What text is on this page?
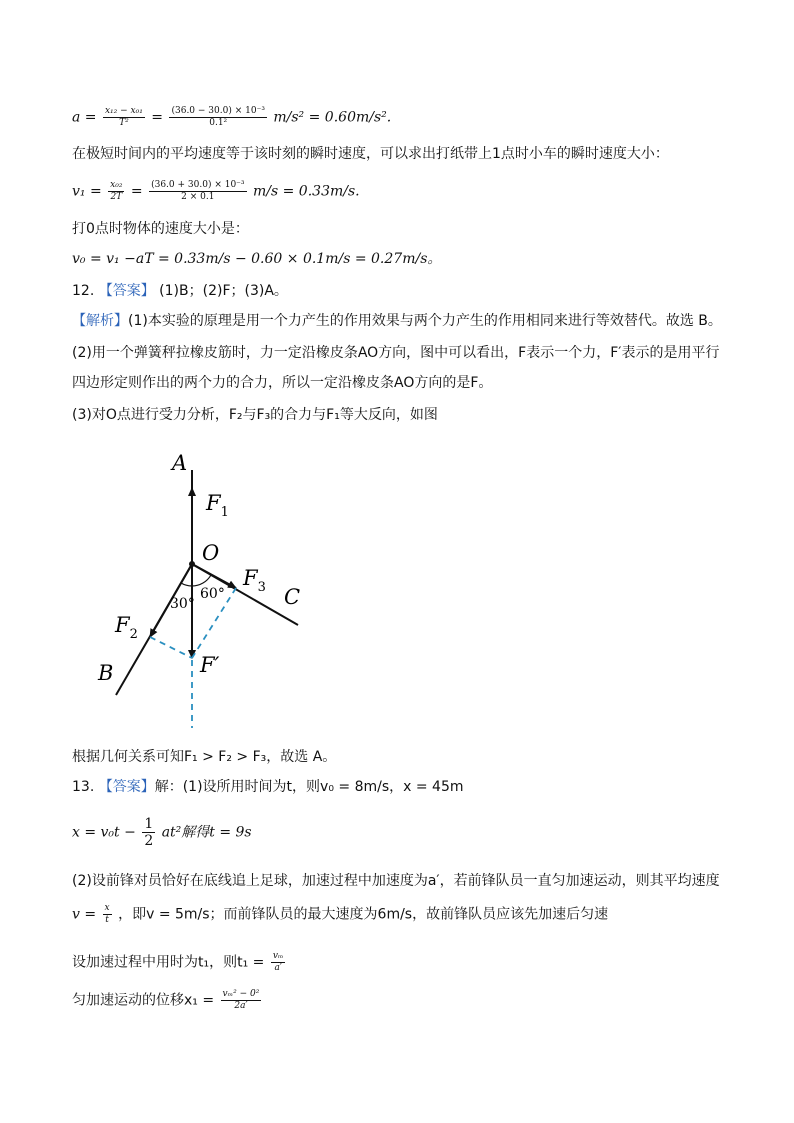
$a = \frac{\text{x₁₂ − x₀₁}}{\text{T²}} = \frac{\text{(36.0 − 30.0) × 10⁻³}}{\text{0.1²}} m/s^2 = 0.60m/s^2$.
在极短时间内的平均速度等于该时刻的瞬时速度，可以求出打纸带上1点时小车的瞬时速度大小：
$v_1 = \frac{\text{x₀₂}}{2T} = \frac{\text{(36.0 + 30.0) × 10⁻³}}{2 \times 0.1} m/s = 0.33m/s$.
打0点时物体的速度大小是：
v₀ = v₁ −aT = 0.33m/s − 0.60 × 0.1m/s = 0.27m/s。
12. 【答案】 (1)B；(2)F；(3)A。
【解析】(1)本实验的原理是用一个力产生的作用效果与两个力产生的作用相同来进行等效替代。故选 B。
(2)用一个弹簧秤拉橡皮筋时，力一定沿橡皮条AO方向，图中可以看出，F表示一个力，F′表示的是用平行
四边形定则作出的两个力的合力，所以一定沿橡皮条AO方向的是F。
(3)对O点进行受力分析，F₂与F₃的合力与F₁等大反向，如图
A
$F_1$
O
$F_3$ C
30°
60°
$F_2$
F′
B
根据几何关系可知F₁ > F₂ > F₃，故选 A。
13. 【答案】解：(1)设所用时间为t，则v₀ = 8m/s，x = 45m
$x = v_0t - \frac{1}{2} at^2$解得t = 9s
(2)设前锋对员恰好在底线追上足球，加速过程中加速度为a′，若前锋队员一直匀加速运动，则其平均速度
$v = \frac{x}{t}$ ，即v = 5m/s；而前锋队员的最大速度为6m/s，故前锋队员应该先加速后匀速
设加速过程中用时为t₁，则$t_1 = \frac{\text{vₘ}}{a'}$
匀加速运动的位移$x_1 = \frac{\text{vₘ² − 0²}}{2a'}$
